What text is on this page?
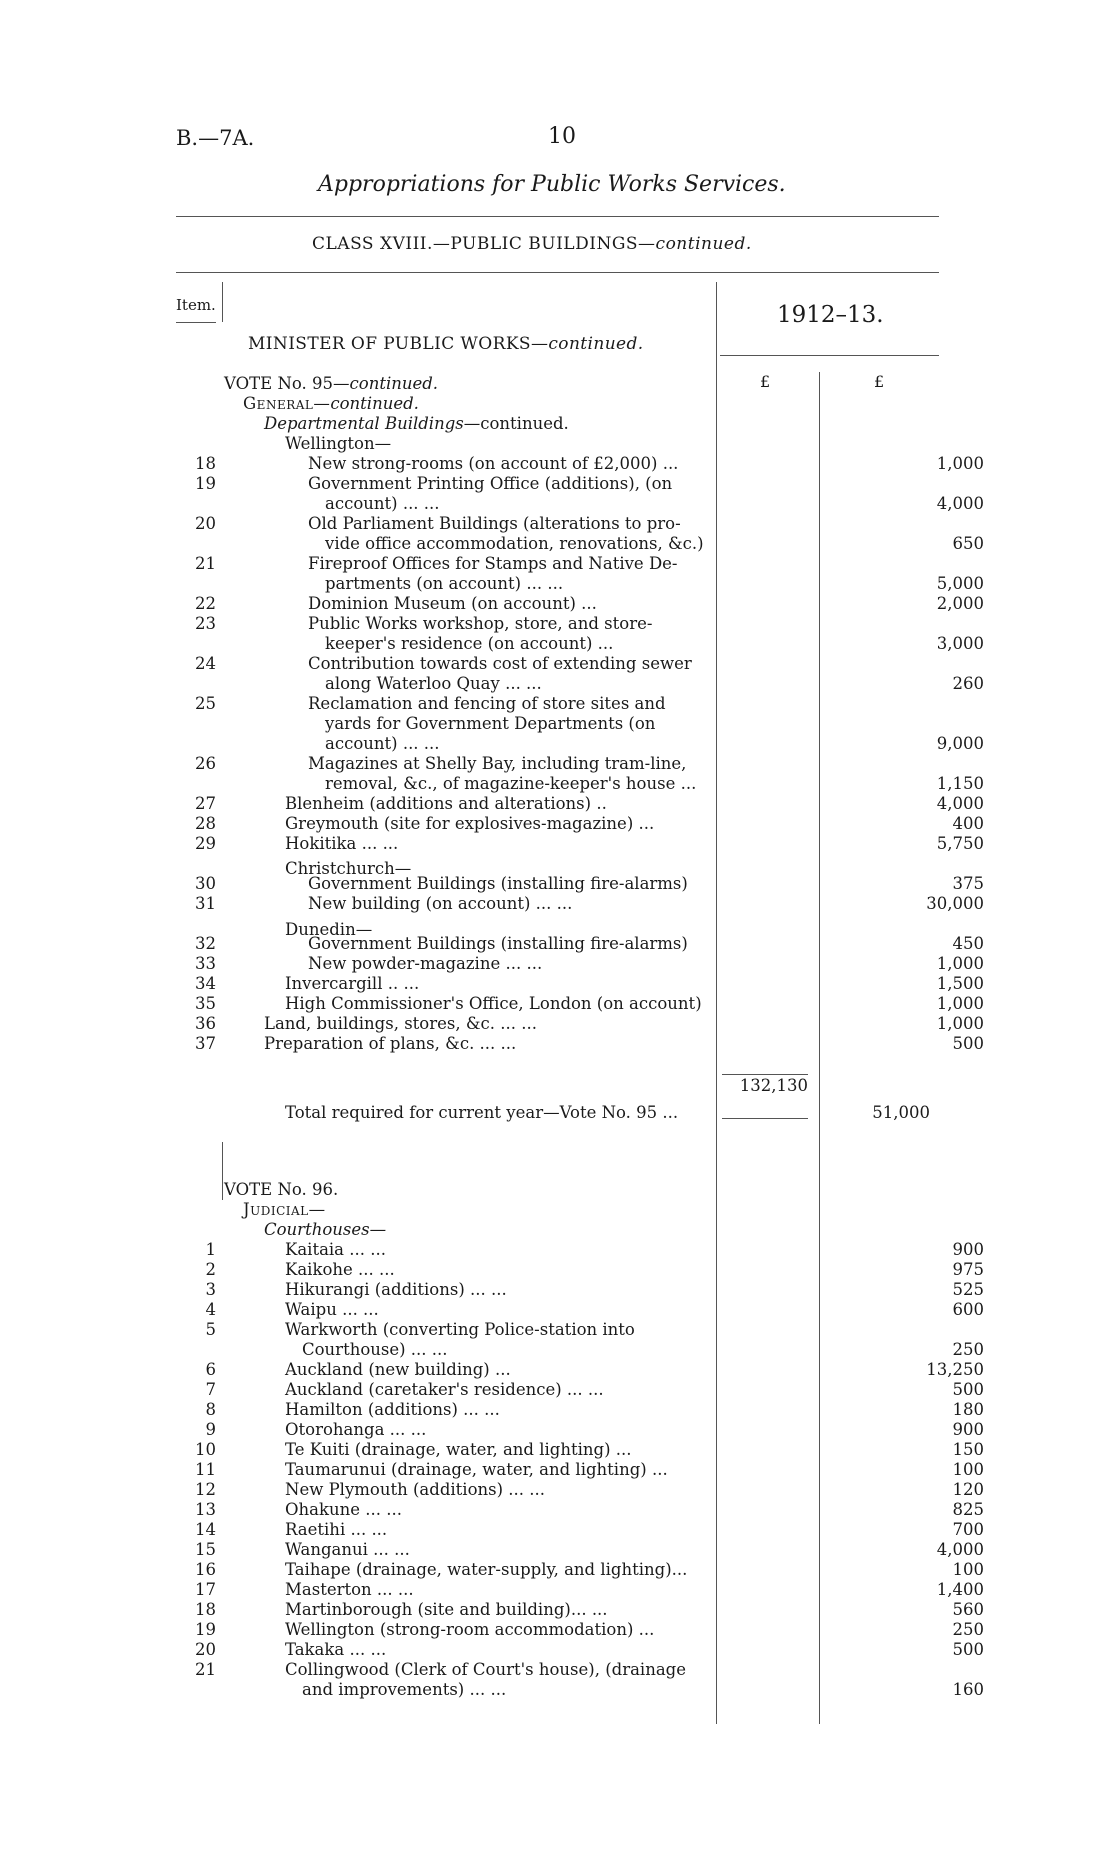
B.—7A.	10
Appropriations for Public Works Services.
CLASS XVIII.—PUBLIC BUILDINGS—continued.
Item.	1912–13.
MINISTER OF PUBLIC WORKS—continued.
£	£
VOTE No. 95—continued.
General—continued.
Departmental Buildings—continued.
Wellington—
Christchurch—
Dunedin—
18	New strong-rooms (on account of £2,000) ...	1,000
19	Government Printing Office (additions), (on
account) ... ...	4,000
20	Old Parliament Buildings (alterations to pro-
vide office accommodation, renovations, &c.)	650
21	Fireproof Offices for Stamps and Native De-
partments (on account) ... ...	5,000
22	Dominion Museum (on account) ...	2,000
23	Public Works workshop, store, and store-
keeper's residence (on account) ...	3,000
24	Contribution towards cost of extending sewer
along Waterloo Quay ... ...	260
25	Reclamation and fencing of store sites and
yards for Government Departments (on
account) ... ...	9,000
26	Magazines at Shelly Bay, including tram-line,
removal, &c., of magazine-keeper's house ...	1,150
27	Blenheim (additions and alterations) ..	4,000
28	Greymouth (site for explosives-magazine) ...	400
29	Hokitika ... ...	5,750
30	Government Buildings (installing fire-alarms)	375
31	New building (on account) ... ...	30,000
32	Government Buildings (installing fire-alarms)	450
33	New powder-magazine ... ...	1,000
34	Invercargill .. ...	1,500
35	High Commissioner's Office, London (on account)	1,000
36	Land, buildings, stores, &c. ... ...	1,000
37	Preparation of plans, &c. ... ...	500
132,130
Total required for current year—Vote No. 95 ...	51,000
VOTE No. 96.
Judicial—
Courthouses—
1	Kaitaia ... ...	900
2	Kaikohe ... ...	975
3	Hikurangi (additions) ... ...	525
4	Waipu ... ...	600
5	Warkworth (converting Police-station into
Courthouse) ... ...	250
6	Auckland (new building) ...	13,250
7	Auckland (caretaker's residence) ... ...	500
8	Hamilton (additions) ... ...	180
9	Otorohanga ... ...	900
10	Te Kuiti (drainage, water, and lighting) ...	150
11	Taumarunui (drainage, water, and lighting) ...	100
12	New Plymouth (additions) ... ...	120
13	Ohakune ... ...	825
14	Raetihi ... ...	700
15	Wanganui ... ...	4,000
16	Taihape (drainage, water-supply, and lighting)...	100
17	Masterton ... ...	1,400
18	Martinborough (site and building)... ...	560
19	Wellington (strong-room accommodation) ...	250
20	Takaka ... ...	500
21	Collingwood (Clerk of Court's house), (drainage
and improvements) ... ...	160
